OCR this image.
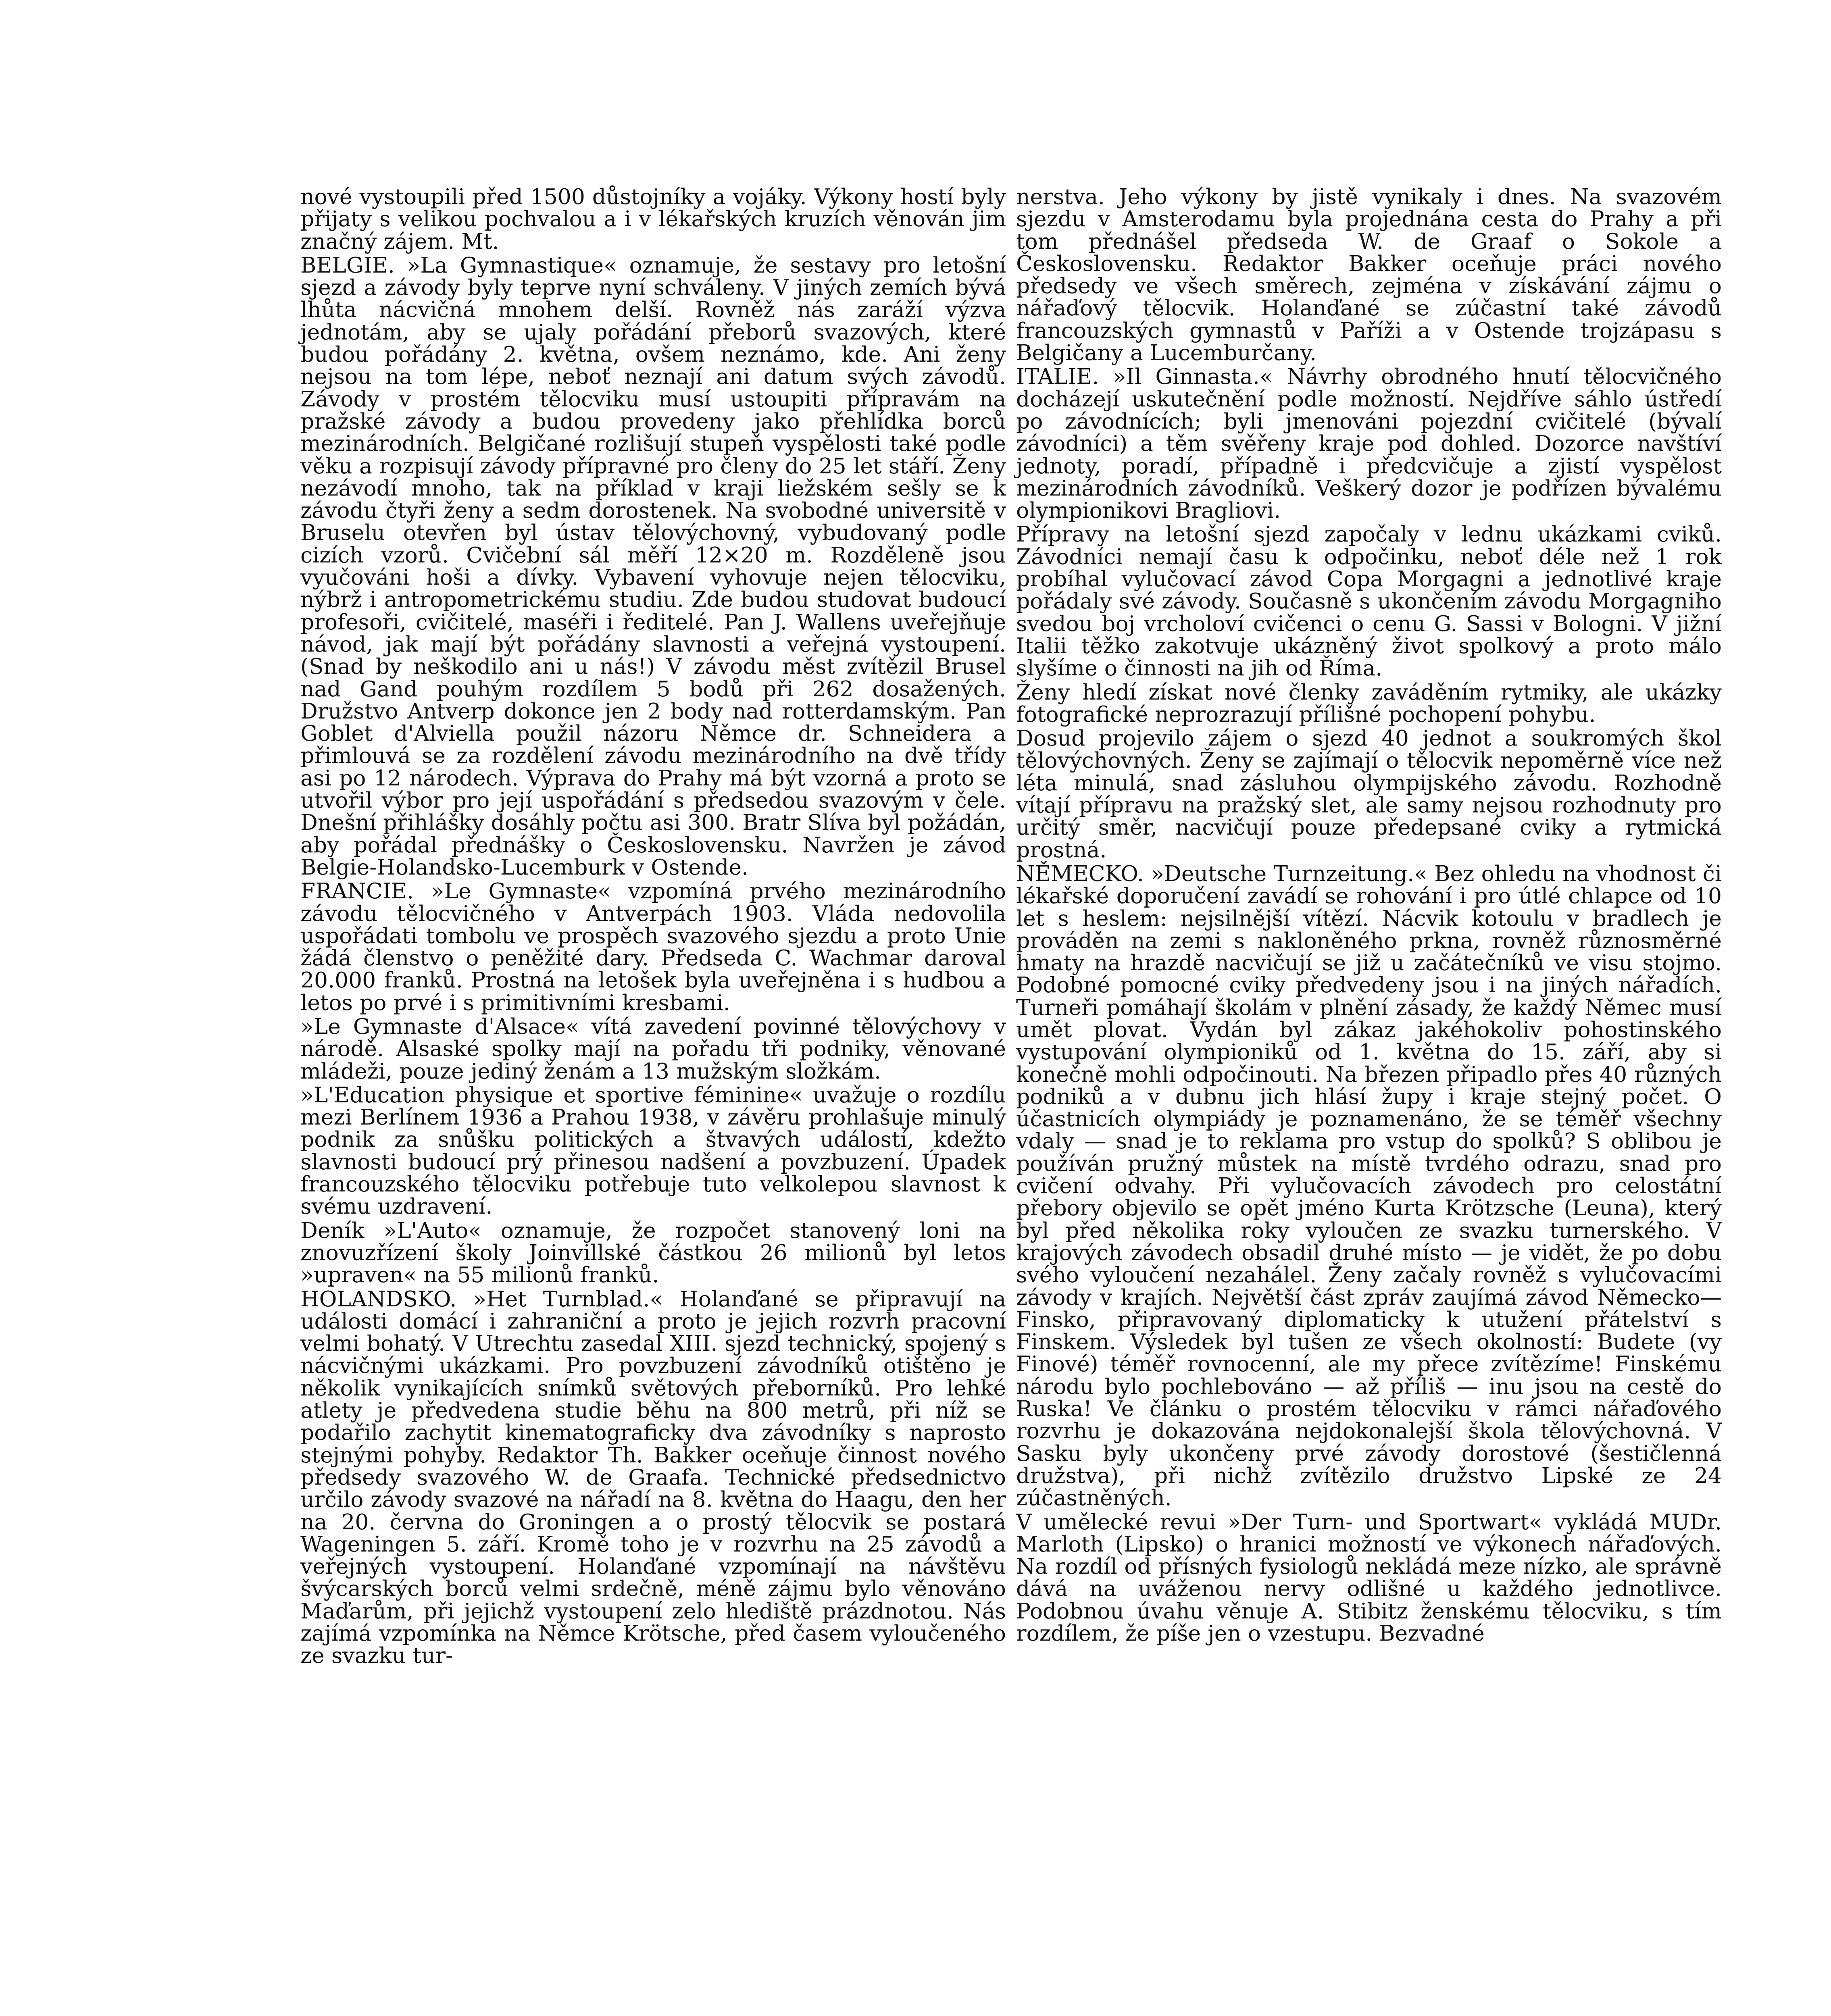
nové vystoupili před 1500 důstojníky a vojáky. Výkony hostí byly přijaty s velikou pochvalou a i v lékařských kruzích věnován jim značný zájem. Mt.

BELGIE. »La Gymnastique« oznamuje, že sestavy pro letošní sjezd a závody byly teprve nyní schváleny. V jiných zemích bývá lhůta nácvičná mnohem delší. Rovněž nás zaráží výzva jednotám, aby se ujaly pořádání přeborů svazových, které budou pořádány 2. května, ovšem neznámo, kde. Ani ženy nejsou na tom lépe, neboť neznají ani datum svých závodů. Závody v prostém tělocviku musí ustoupiti přípravám na pražské závody a budou provedeny jako přehlídka borců mezinárodních. Belgičané rozlišují stupeň vyspělosti také podle věku a rozpisují závody přípravné pro členy do 25 let stáří. Ženy nezávodí mnoho, tak na příklad v kraji liežském sešly se k závodu čtyři ženy a sedm dorostenek. Na svobodné universitě v Bruselu otevřen byl ústav tělovýchovný, vybudovaný podle cizích vzorů. Cvičební sál měří 12×20 m. Rozděleně jsou vyučováni hoši a dívky. Vybavení vyhovuje nejen tělocviku, nýbrž i antropometrickému studiu. Zde budou studovat budoucí profesoři, cvičitelé, maséři i ředitelé. Pan J. Wallens uveřejňuje návod, jak mají být pořádány slavnosti a veřejná vystoupení. (Snad by neškodilo ani u nás!) V závodu měst zvítězil Brusel nad Gand pouhým rozdílem 5 bodů při 262 dosažených. Družstvo Antverp dokonce jen 2 body nad rotterdamským. Pan Goblet d'Alviella použil názoru Němce dr. Schneidera a přimlouvá se za rozdělení závodu mezinárodního na dvě třídy asi po 12 národech. Výprava do Prahy má být vzorná a proto se utvořil výbor pro její uspořádání s předsedou svazovým v čele. Dnešní přihlášky dosáhly počtu asi 300. Bratr Slíva byl požádán, aby pořádal přednášky o Československu. Navržen je závod Belgie-Holandsko-Lucemburk v Ostende.

FRANCIE. »Le Gymnaste« vzpomíná prvého mezinárodního závodu tělocvičného v Antverpách 1903. Vláda nedovolila uspořádati tombolu ve prospěch svazového sjezdu a proto Unie žádá členstvo o peněžité dary. Předseda C. Wachmar daroval 20.000 franků. Prostná na letošek byla uveřejněna i s hudbou a letos po prvé i s primitivními kresbami.

»Le Gymnaste d'Alsace« vítá zavedení povinné tělovýchovy v národě. Alsaské spolky mají na pořadu tři podniky, věnované mládeži, pouze jediný ženám a 13 mužským složkám.

»L'Education physique et sportive féminine« uvažuje o rozdílu mezi Berlínem 1936 a Prahou 1938, v závěru prohlašuje minulý podnik za snůšku politických a štvavých událostí, kdežto slavnosti budoucí prý přinesou nadšení a povzbuzení. Úpadek francouzského tělocviku potřebuje tuto velkolepou slavnost k svému uzdravení.

Deník »L'Auto« oznamuje, že rozpočet stanovený loni na znovuzřízení školy Joinvillské částkou 26 milionů byl letos »upraven« na 55 milionů franků.

HOLANDSKO. »Het Turnblad.« Holanďané se připravují na události domácí i zahraniční a proto je jejich rozvrh pracovní velmi bohatý. V Utrechtu zasedal XIII. sjezd technický, spojený s nácvičnými ukázkami. Pro povzbuzení závodníků otištěno je několik vynikajících snímků světových přeborníků. Pro lehké atlety je předvedena studie běhu na 800 metrů, při níž se podařilo zachytit kinematograficky dva závodníky s naprosto stejnými pohyby. Redaktor Th. Bakker oceňuje činnost nového předsedy svazového W. de Graafa. Technické předsednictvo určilo závody svazové na nářadí na 8. května do Haagu, den her na 20. června do Groningen a o prostý tělocvik se postará Wageningen 5. září. Kromě toho je v rozvrhu na 25 závodů a veřejných vystoupení. Holanďané vzpomínají na návštěvu švýcarských borců velmi srdečně, méně zájmu bylo věnováno Maďarům, při jejichž vystoupení zelo hlediště prázdnotou. Nás zajímá vzpomínka na Němce Krötsche, před časem vyloučeného ze svazku tur-

nerstva. Jeho výkony by jistě vynikaly i dnes. Na svazovém sjezdu v Amsterodamu byla projednána cesta do Prahy a při tom přednášel předseda W. de Graaf o Sokole a Československu. Redaktor Bakker oceňuje práci nového předsedy ve všech směrech, zejména v získávání zájmu o nářaďový tělocvik. Holanďané se zúčastní také závodů francouzských gymnastů v Paříži a v Ostende trojzápasu s Belgičany a Lucemburčany.

ITALIE. »Il Ginnasta.« Návrhy obrodného hnutí tělocvičného docházejí uskutečnění podle možností. Nejdříve sáhlo ústředí po závodnících; byli jmenováni pojezdní cvičitelé (bývalí závodníci) a těm svěřeny kraje pod dohled. Dozorce navštíví jednoty, poradí, případně i předcvičuje a zjistí vyspělost mezinárodních závodníků. Veškerý dozor je podřízen bývalému olympionikovi Bragliovi.

Přípravy na letošní sjezd započaly v lednu ukázkami cviků. Závodníci nemají času k odpočinku, neboť déle než 1 rok probíhal vylučovací závod Copa Morgagni a jednotlivé kraje pořádaly své závody. Současně s ukončením závodu Morgagniho svedou boj vrcholoví cvičenci o cenu G. Sassi v Bologni. V jižní Italii těžko zakotvuje ukázněný život spolkový a proto málo slyšíme o činnosti na jih od Říma.

Ženy hledí získat nové členky zaváděním rytmiky, ale ukázky fotografické neprozrazují přílišné pochopení pohybu.

Dosud projevilo zájem o sjezd 40 jednot a soukromých škol tělovýchovných. Ženy se zajímají o tělocvik nepoměrně více než léta minulá, snad zásluhou olympijského závodu. Rozhodně vítají přípravu na pražský slet, ale samy nejsou rozhodnuty pro určitý směr, nacvičují pouze předepsané cviky a rytmická prostná.

NĚMECKO. »Deutsche Turnzeitung.« Bez ohledu na vhodnost či lékařské doporučení zavádí se rohování i pro útlé chlapce od 10 let s heslem: nejsilnější vítězí. Nácvik kotoulu v bradlech je prováděn na zemi s nakloněného prkna, rovněž různosměrné hmaty na hrazdě nacvičují se již u začátečníků ve visu stojmo. Podobné pomocné cviky předvedeny jsou i na jiných nářadích. Turneři pomáhají školám v plnění zásady, že každý Němec musí umět plovat. Vydán byl zákaz jakéhokoliv pohostinského vystupování olympioniků od 1. května do 15. září, aby si konečně mohli odpočinouti. Na březen připadlo přes 40 různých podniků a v dubnu jich hlásí župy i kraje stejný počet. O účastnicích olympiády je poznamenáno, že se téměř všechny vdaly — snad je to reklama pro vstup do spolků? S oblibou je používán pružný můstek na místě tvrdého odrazu, snad pro cvičení odvahy. Při vylučovacích závodech pro celostátní přebory objevilo se opět jméno Kurta Krötzsche (Leuna), který byl před několika roky vyloučen ze svazku turnerského. V krajových závodech obsadil druhé místo — je vidět, že po dobu svého vyloučení nezahálel. Ženy začaly rovněž s vylučovacími závody v krajích. Největší část zpráv zaujímá závod Německo—Finsko, připravovaný diplomaticky k utužení přátelství s Finskem. Výsledek byl tušen ze všech okolností: Budete (vy Finové) téměř rovnocenní, ale my přece zvítězíme! Finskému národu bylo pochlebováno — až příliš — inu jsou na cestě do Ruska! Ve článku o prostém tělocviku v rámci nářaďového rozvrhu je dokazována nejdokonalejší škola tělovýchovná. V Sasku byly ukončeny prvé závody dorostové (šestičlenná družstva), při nichž zvítězilo družstvo Lipské ze 24 zúčastněných.

V umělecké revui »Der Turn- und Sportwart« vykládá MUDr. Marloth (Lipsko) o hranici možností ve výkonech nářaďových. Na rozdíl od přísných fysiologů nekládá meze nízko, ale správně dává na uváženou nervy odlišné u každého jednotlivce. Podobnou úvahu věnuje A. Stibitz ženskému tělocviku, s tím rozdílem, že píše jen o vzestupu. Bezvadné
